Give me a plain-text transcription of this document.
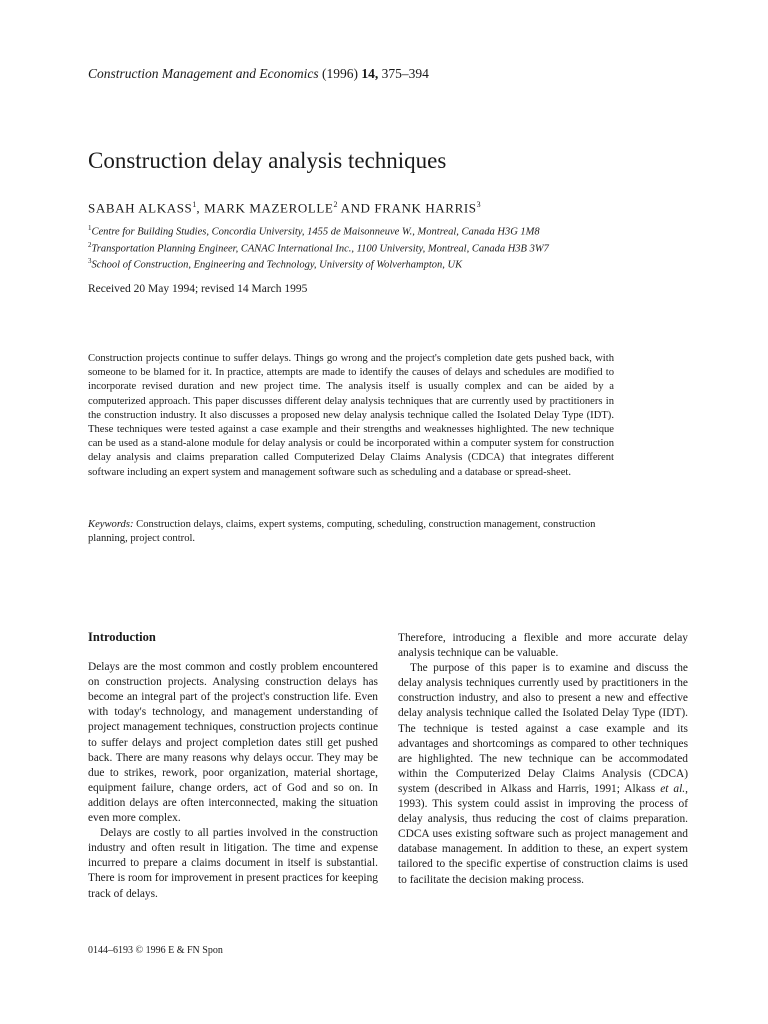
Construction Management and Economics (1996) 14, 375–394
Construction delay analysis techniques
SABAH ALKASS$^1$, MARK MAZEROLLE$^2$ AND FRANK HARRIS$^3$
$^1$Centre for Building Studies, Concordia University, 1455 de Maisonneuve W., Montreal, Canada H3G 1M8
$^2$Transportation Planning Engineer, CANAC International Inc., 1100 University, Montreal, Canada H3B 3W7
$^3$School of Construction, Engineering and Technology, University of Wolverhampton, UK
Received 20 May 1994; revised 14 March 1995

Construction projects continue to suffer delays. Things go wrong and the project's completion date gets pushed back, with someone to be blamed for it. In practice, attempts are made to identify the causes of delays and schedules are modified to incorporate revised duration and new project time. The analysis itself is usually complex and can be aided by a computerized approach. This paper discusses different delay analysis techniques that are currently used by practitioners in the construction industry. It also discusses a proposed new delay analysis technique called the Isolated Delay Type (IDT). These techniques were tested against a case example and their strengths and weaknesses highlighted. The new technique can be used as a stand-alone module for delay analysis or could be incorporated within a computer system for construction delay analysis and claims preparation called Computerized Delay Claims Analysis (CDCA) that integrates different software including an expert system and management software such as scheduling and a database or spread-sheet.

Keywords: Construction delays, claims, expert systems, computing, scheduling, construction management, construction planning, project control.

Introduction

Delays are the most common and costly problem encountered on construction projects. Analysing construction delays has become an integral part of the project's construction life. Even with today's technology, and management understanding of project management techniques, construction projects continue to suffer delays and project completion dates still get pushed back. There are many reasons why delays occur. They may be due to strikes, rework, poor organization, material shortage, equipment failure, change orders, act of God and so on. In addition delays are often interconnected, making the situation even more complex.

Delays are costly to all parties involved in the construction industry and often result in litigation. The time and expense incurred to prepare a claims document in itself is substantial. There is room for improvement in present practices for keeping track of delays.

Therefore, introducing a flexible and more accurate delay analysis technique can be valuable.

The purpose of this paper is to examine and discuss the delay analysis techniques currently used by practitioners in the construction industry, and also to present a new and effective delay analysis technique called the Isolated Delay Type (IDT). The technique is tested against a case example and its advantages and shortcomings as compared to other techniques are highlighted. The new technique can be accommodated within the Computerized Delay Claims Analysis (CDCA) system (described in Alkass and Harris, 1991; Alkass et al., 1993). This system could assist in improving the process of delay analysis, thus reducing the cost of claims preparation. CDCA uses existing software such as project management and database management. In addition to these, an expert system tailored to the specific expertise of construction claims is used to facilitate the decision making process.

0144–6193 © 1996 E & FN Spon
